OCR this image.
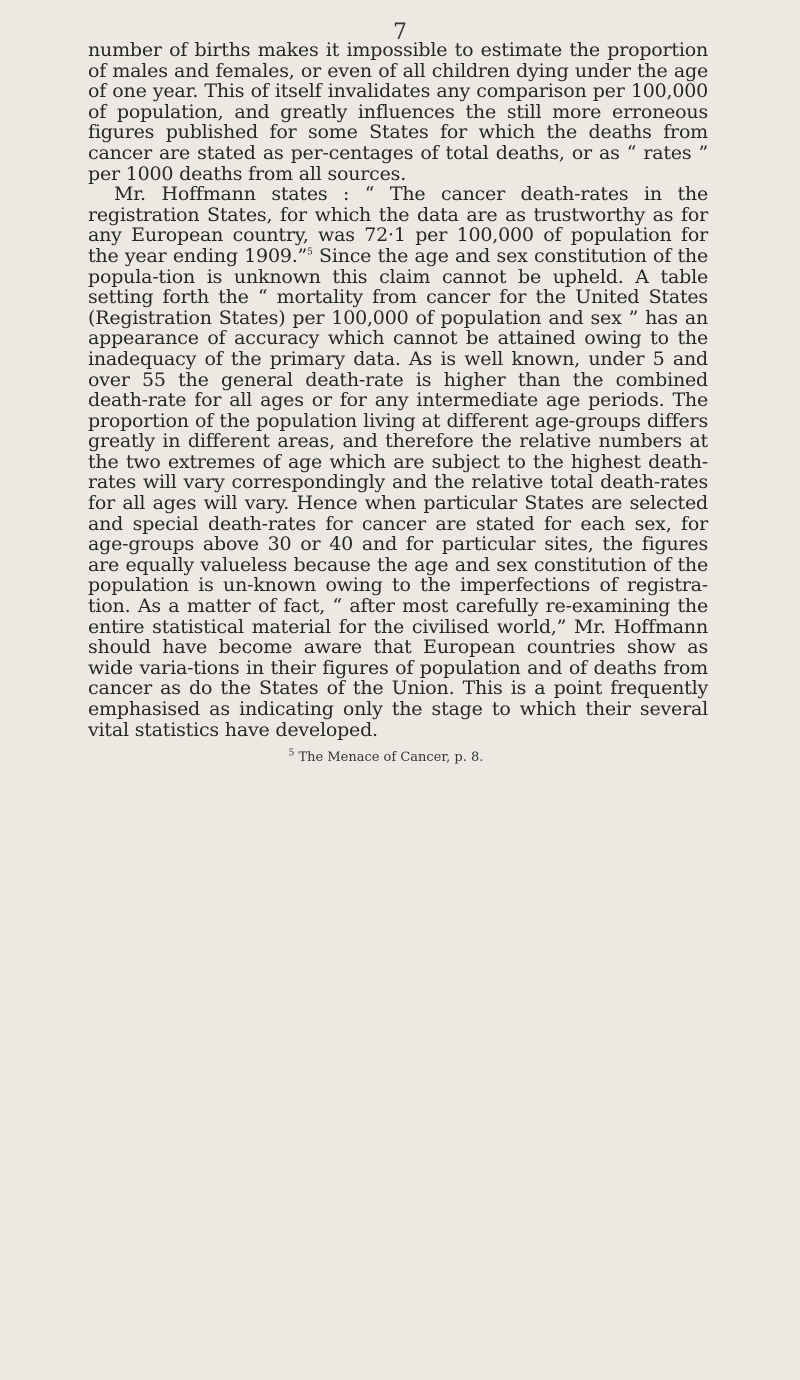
7

number of births makes it impossible to estimate the proportion of males and females, or even of all children dying under the age of one year. This of itself invalidates any comparison per 100,000 of population, and greatly influences the still more erroneous figures published for some States for which the deaths from cancer are stated as per-centages of total deaths, or as “ rates ” per 1000 deaths from all sources.
Mr. Hoffmann states : “ The cancer death-rates in the registration States, for which the data are as trustworthy as for any European country, was 72·1 per 100,000 of population for the year ending 1909.”$^5$ Since the age and sex constitution of the popula-tion is unknown this claim cannot be upheld. A table setting forth the “ mortality from cancer for the United States (Registration States) per 100,000 of population and sex ” has an appearance of accuracy which cannot be attained owing to the inadequacy of the primary data. As is well known, under 5 and over 55 the general death-rate is higher than the combined death-rate for all ages or for any intermediate age periods. The proportion of the population living at different age-groups differs greatly in different areas, and therefore the relative numbers at the two extremes of age which are subject to the highest death-rates will vary correspondingly and the relative total death-rates for all ages will vary. Hence when particular States are selected and special death-rates for cancer are stated for each sex, for age-groups above 30 or 40 and for particular sites, the figures are equally valueless because the age and sex constitution of the population is un-known owing to the imperfections of registra-tion. As a matter of fact, “ after most carefully re-examining the entire statistical material for the civilised world,” Mr. Hoffmann should have become aware that European countries show as wide varia-tions in their figures of population and of deaths from cancer as do the States of the Union. This is a point frequently emphasised as indicating only the stage to which their several vital statistics have developed.

$^5$ The Menace of Cancer, p. 8.
